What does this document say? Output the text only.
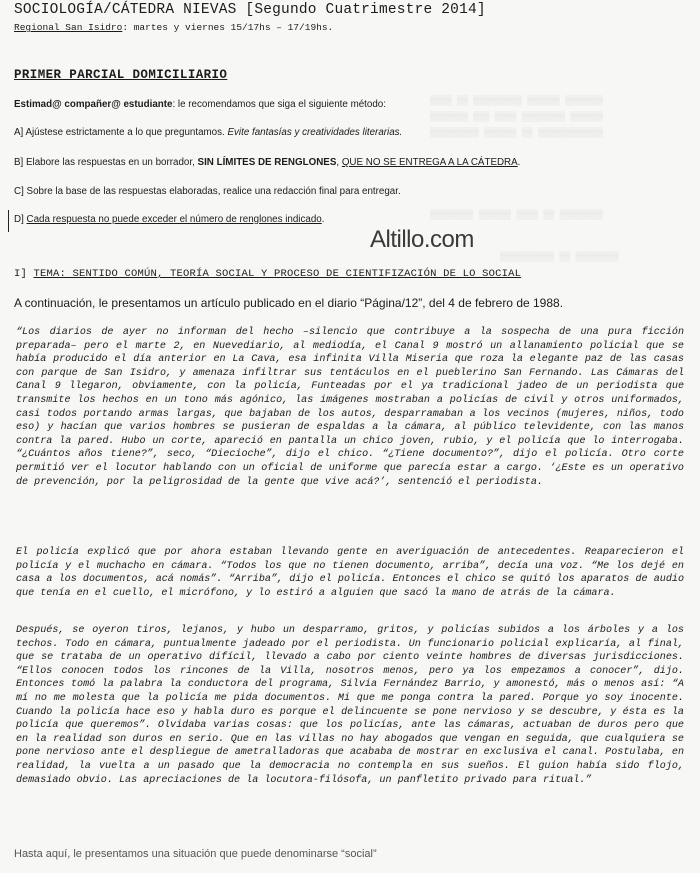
▒▒▒▒ ▒▒ ▒▒▒▒▒▒▒▒▒ ▒▒▒▒▒▒ ▒▒▒▒▒▒▒
▒▒▒▒▒▒▒ ▒▒▒ ▒▒▒▒ ▒▒▒▒▒▒▒▒ ▒▒▒▒▒▒
▒▒▒▒▒▒▒▒▒ ▒▒▒▒▒▒ ▒▒ ▒▒▒▒▒▒▒▒▒▒▒▒
▒▒▒▒▒▒▒▒ ▒▒▒▒▒▒ ▒▒▒▒ ▒▒ ▒▒▒▒▒▒▒▒
▒▒▒▒▒▒▒▒▒▒ ▒▒ ▒▒▒▒▒▒▒▒
SOCIOLOGÍA/CÁTEDRA NIEVAS [Segundo Cuatrimestre 2014]
Regional San Isidro: martes y viernes 15/17hs – 17/19hs.
PRIMER PARCIAL DOMICILIARIO
Estimad@ compañer@ estudiante: le recomendamos que siga el siguiente método:
A] Ajústese estrictamente a lo que preguntamos. Evite fantasías y creatividades literarias.
B] Elabore las respuestas en un borrador, SIN LÍMITES DE RENGLONES, QUE NO SE ENTREGA A LA CÁTEDRA.
C] Sobre la base de las respuestas elaboradas, realice una redacción final para entregar.
D] Cada respuesta no puede exceder el número de renglones indicado.
Altillo.com
I] TEMA: SENTIDO COMÚN, TEORÍA SOCIAL Y PROCESO DE CIENTIFIZACIÓN DE LO SOCIAL
A continuación, le presentamos un artículo publicado en el diario “Página/12”, del 4 de febrero de 1988.
“Los diarios de ayer no informan del hecho –silencio que contribuye a la sospecha de una pura ficción preparada– pero el marte 2, en Nuevediario, al mediodía, el Canal 9 mostró un allanamiento policial que se había producido el día anterior en La Cava, esa infinita Villa Miseria que roza la elegante paz de las casas con parque de San Isidro, y amenaza infiltrar sus tentáculos en el pueblerino San Fernando. Las Cámaras del Canal 9 llegaron, obviamente, con la policía, Funteadas por el ya tradicional jadeo de un periodista que transmite los hechos en un tono más agónico, las imágenes mostraban a policías de civil y otros uniformados, casi todos portando armas largas, que bajaban de los autos, desparramaban a los vecinos (mujeres, niños, todo eso) y hacían que varios hombres se pusieran de espaldas a la cámara, al público televidente, con las manos contra la pared. Hubo un corte, apareció en pantalla un chico joven, rubio, y el policía que lo interrogaba. “¿Cuántos años tiene?”, seco, “Diecioche”, dijo el chico. “¿Tiene documento?”, dijo el policía. Otro corte permitió ver el locutor hablando con un oficial de uniforme que parecía estar a cargo. ‘¿Este es un operativo de prevención, por la peligrosidad de la gente que vive acá?’, sentenció el periodista.
El policía explicó que por ahora estaban llevando gente en averiguación de antecedentes. Reaparecieron el policía y el muchacho en cámara. “Todos los que no tienen documento, arriba”, decía una voz. “Me los dejé en casa a los documentos, acá nomás”. “Arriba”, dijo el policía. Entonces el chico se quitó los aparatos de audio que tenía en el cuello, el micrófono, y lo estiró a alguien que sacó la mano de atrás de la cámara.
Después, se oyeron tiros, lejanos, y hubo un desparramo, gritos, y policías subidos a los árboles y a los techos. Todo en cámara, puntualmente jadeado por el periodista. Un funcionario policial explicaría, al final, que se trataba de un operativo difícil, llevado a cabo por ciento veinte hombres de diversas jurisdicciones. “Ellos conocen todos los rincones de la Villa, nosotros menos, pero ya los empezamos a conocer”, dijo. Entonces tomó la palabra la conductora del programa, Silvia Fernández Barrio, y amonestó, más o menos así: “A mí no me molesta que la policía me pida documentos. Mi que me ponga contra la pared. Porque yo soy inocente. Cuando la policía hace eso y habla duro es porque el delincuente se pone nervioso y se descubre, y ésta es la policía que queremos”. Olvidaba varias cosas: que los policías, ante las cámaras, actuaban de duros pero que en la realidad son duros en serio. Que en las villas no hay abogados que vengan en seguida, que cualquiera se pone nervioso ante el despliegue de ametralladoras que acababa de mostrar en exclusiva el canal. Postulaba, en realidad, la vuelta a un pasado que la democracia no contempla en sus sueños. El guion había sido flojo, demasiado obvio. Las apreciaciones de la locutora-filósofa, un panfletito privado para ritual.”
Hasta aquí, le presentamos una situación que puede denominarse “social”
